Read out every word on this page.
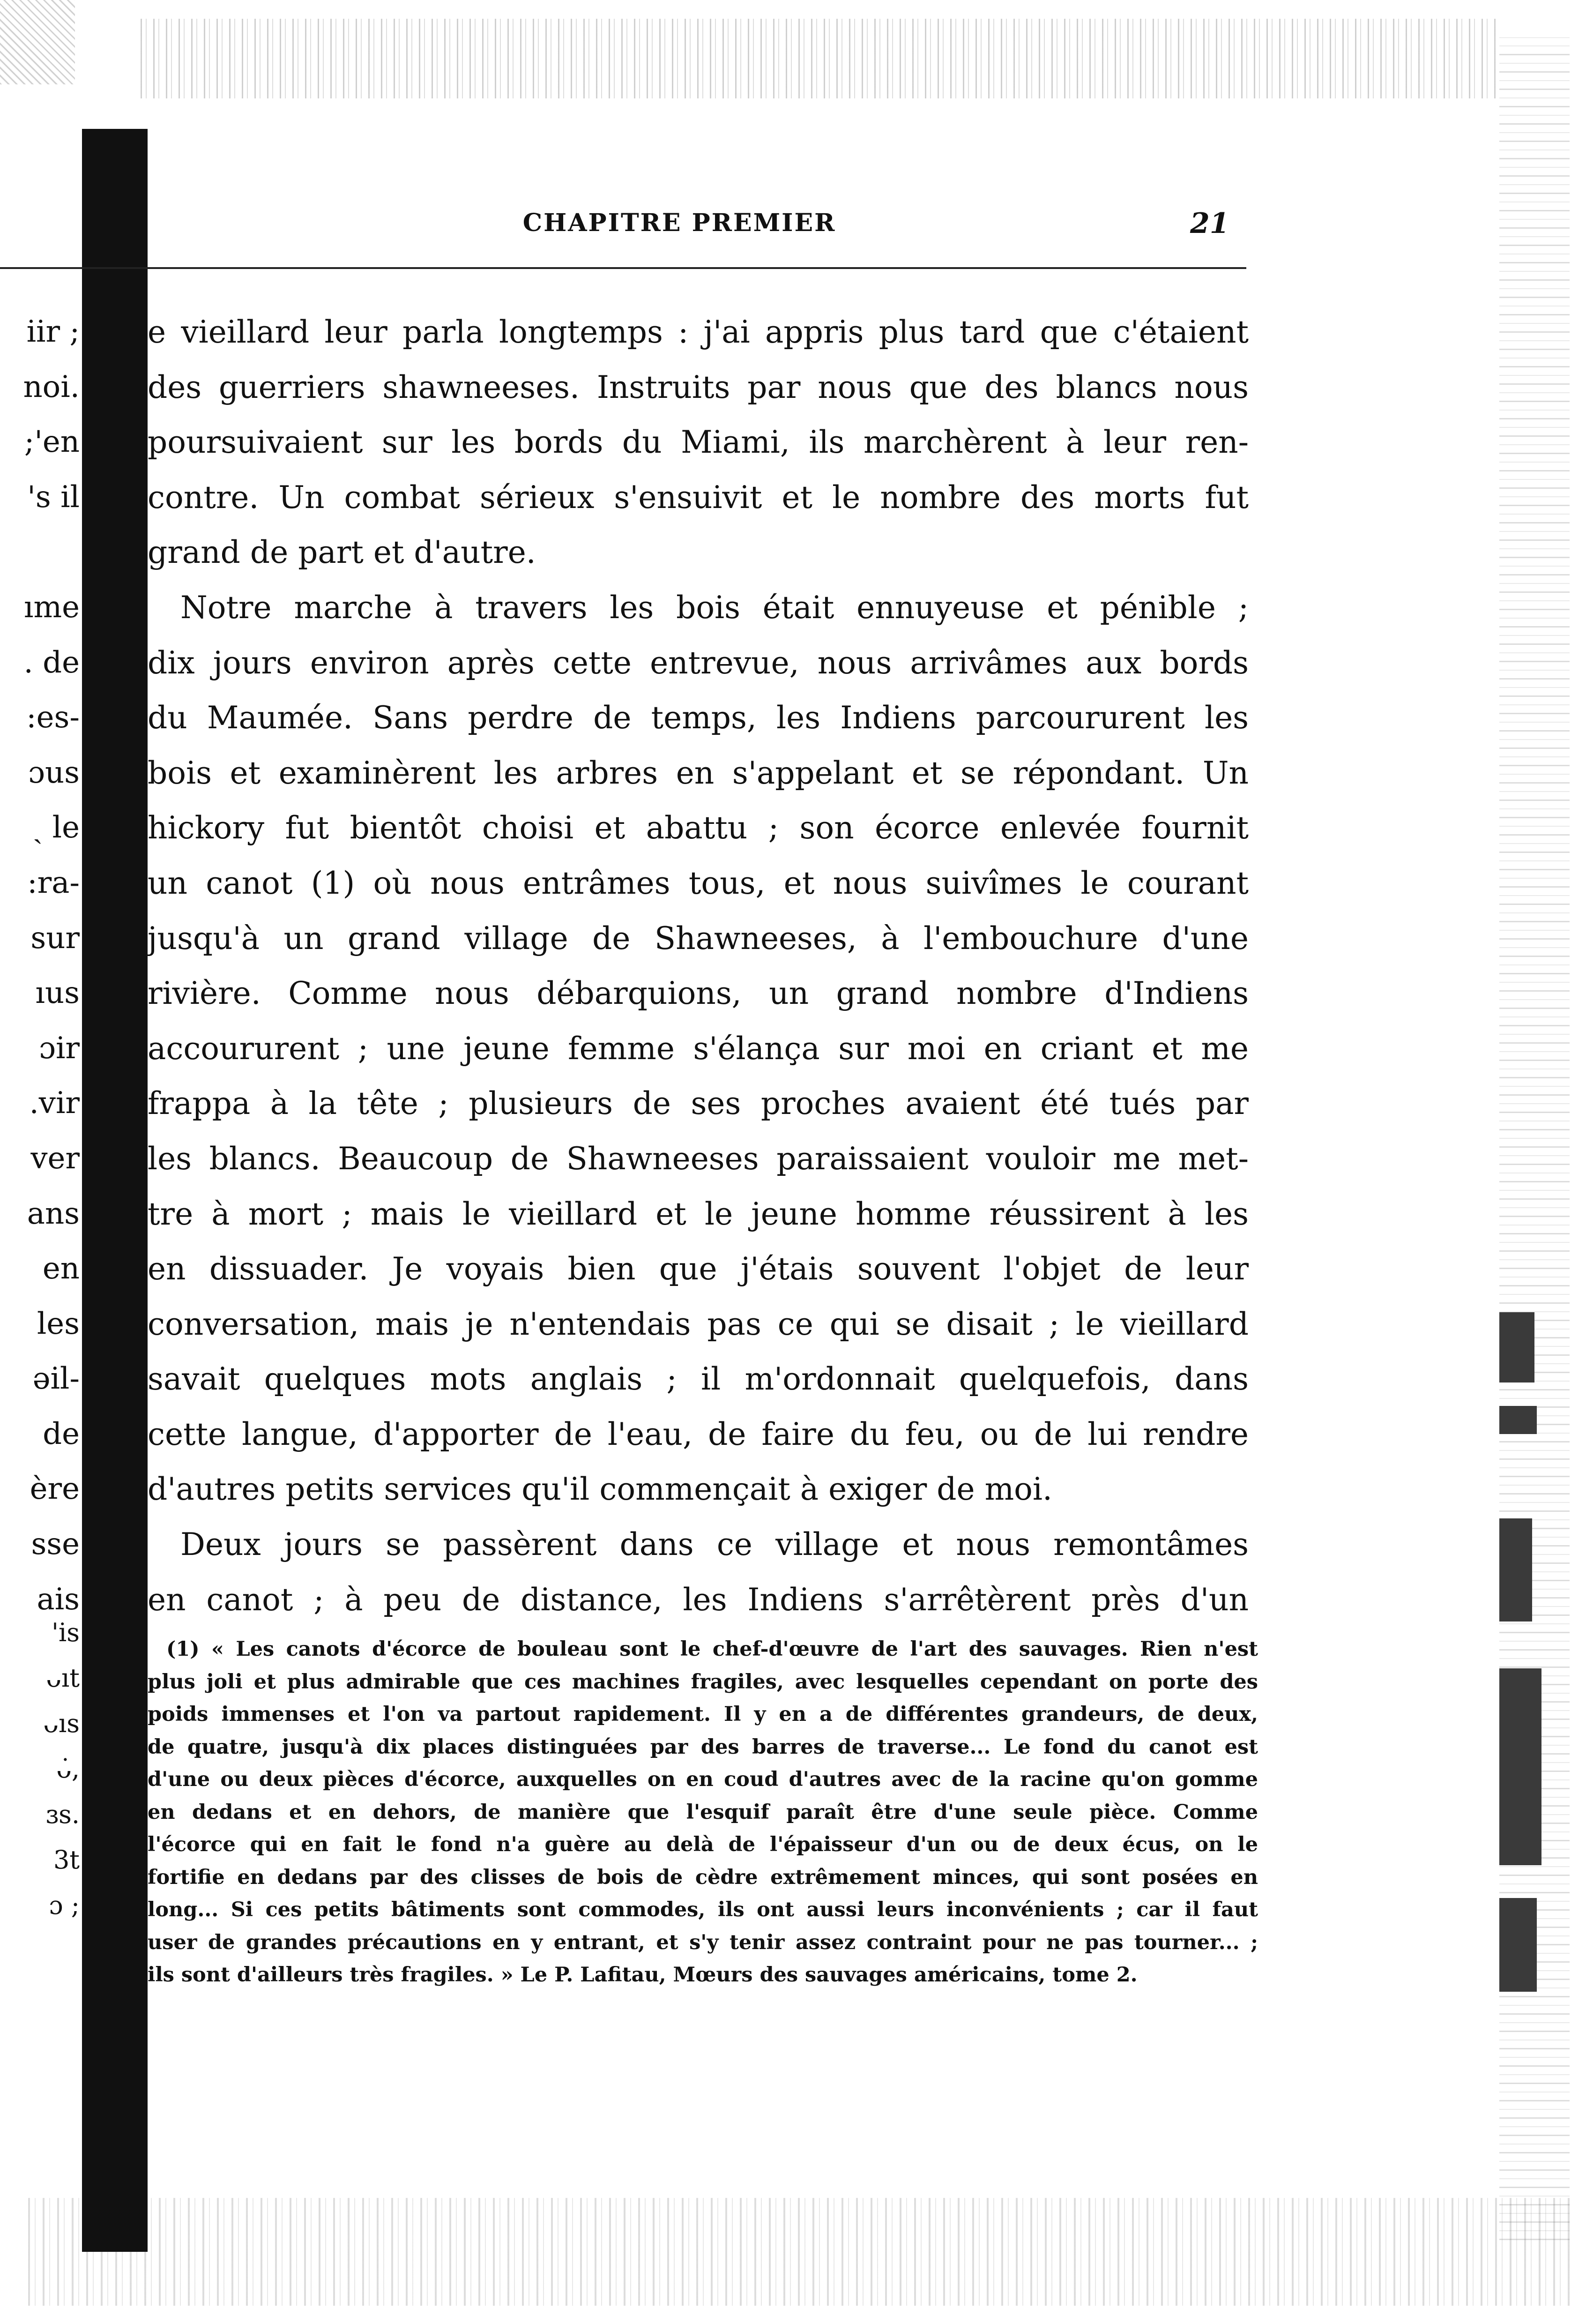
CHAPITRE PREMIER	21
iir ;
noi.
;'en
's il
ıme
. de
:es-
ɔus
ˏ le
:ra-
sur
ıus
ɔir
.vir
ver
ans
en
les
əil-
de
ère
sse
ais
'is
ᴗıt
ᴗıs
ᴗ̇,
ɜs.
3t
ɔ ;
e vieillard leur parla longtemps : j'ai appris plus tard que c'étaient
des guerriers shawneeses. Instruits par nous que des blancs nous
poursuivaient sur les bords du Miami, ils marchèrent à leur ren-
contre. Un combat sérieux s'ensuivit et le nombre des morts fut
grand de part et d'autre.
Notre marche à travers les bois était ennuyeuse et pénible ;
dix jours environ après cette entrevue, nous arrivâmes aux bords
du Maumée. Sans perdre de temps, les Indiens parcoururent les
bois et examinèrent les arbres en s'appelant et se répondant. Un
hickory fut bientôt choisi et abattu ; son écorce enlevée fournit
un canot (1) où nous entrâmes tous, et nous suivîmes le courant
jusqu'à un grand village de Shawneeses, à l'embouchure d'une
rivière. Comme nous débarquions, un grand nombre d'Indiens
accoururent ; une jeune femme s'élança sur moi en criant et me
frappa à la tête ; plusieurs de ses proches avaient été tués par
les blancs. Beaucoup de Shawneeses paraissaient vouloir me met-
tre à mort ; mais le vieillard et le jeune homme réussirent à les
en dissuader. Je voyais bien que j'étais souvent l'objet de leur
conversation, mais je n'entendais pas ce qui se disait ; le vieillard
savait quelques mots anglais ; il m'ordonnait quelquefois, dans
cette langue, d'apporter de l'eau, de faire du feu, ou de lui rendre
d'autres petits services qu'il commençait à exiger de moi.
Deux jours se passèrent dans ce village et nous remontâmes
en canot ; à peu de distance, les Indiens s'arrêtèrent près d'un
(1) « Les canots d'écorce de bouleau sont le chef-d'œuvre de l'art des sauvages. Rien n'est
plus joli et plus admirable que ces machines fragiles, avec lesquelles cependant on porte des
poids immenses et l'on va partout rapidement. Il y en a de différentes grandeurs, de deux,
de quatre, jusqu'à dix places distinguées par des barres de traverse... Le fond du canot est
d'une ou deux pièces d'écorce, auxquelles on en coud d'autres avec de la racine qu'on gomme
en dedans et en dehors, de manière que l'esquif paraît être d'une seule pièce. Comme
l'écorce qui en fait le fond n'a guère au delà de l'épaisseur d'un ou de deux écus, on le
fortifie en dedans par des clisses de bois de cèdre extrêmement minces, qui sont posées en
long... Si ces petits bâtiments sont commodes, ils ont aussi leurs inconvénients ; car il faut
user de grandes précautions en y entrant, et s'y tenir assez contraint pour ne pas tourner... ;
ils sont d'ailleurs très fragiles. » Le P. Lafitau, Mœurs des sauvages américains, tome 2.
